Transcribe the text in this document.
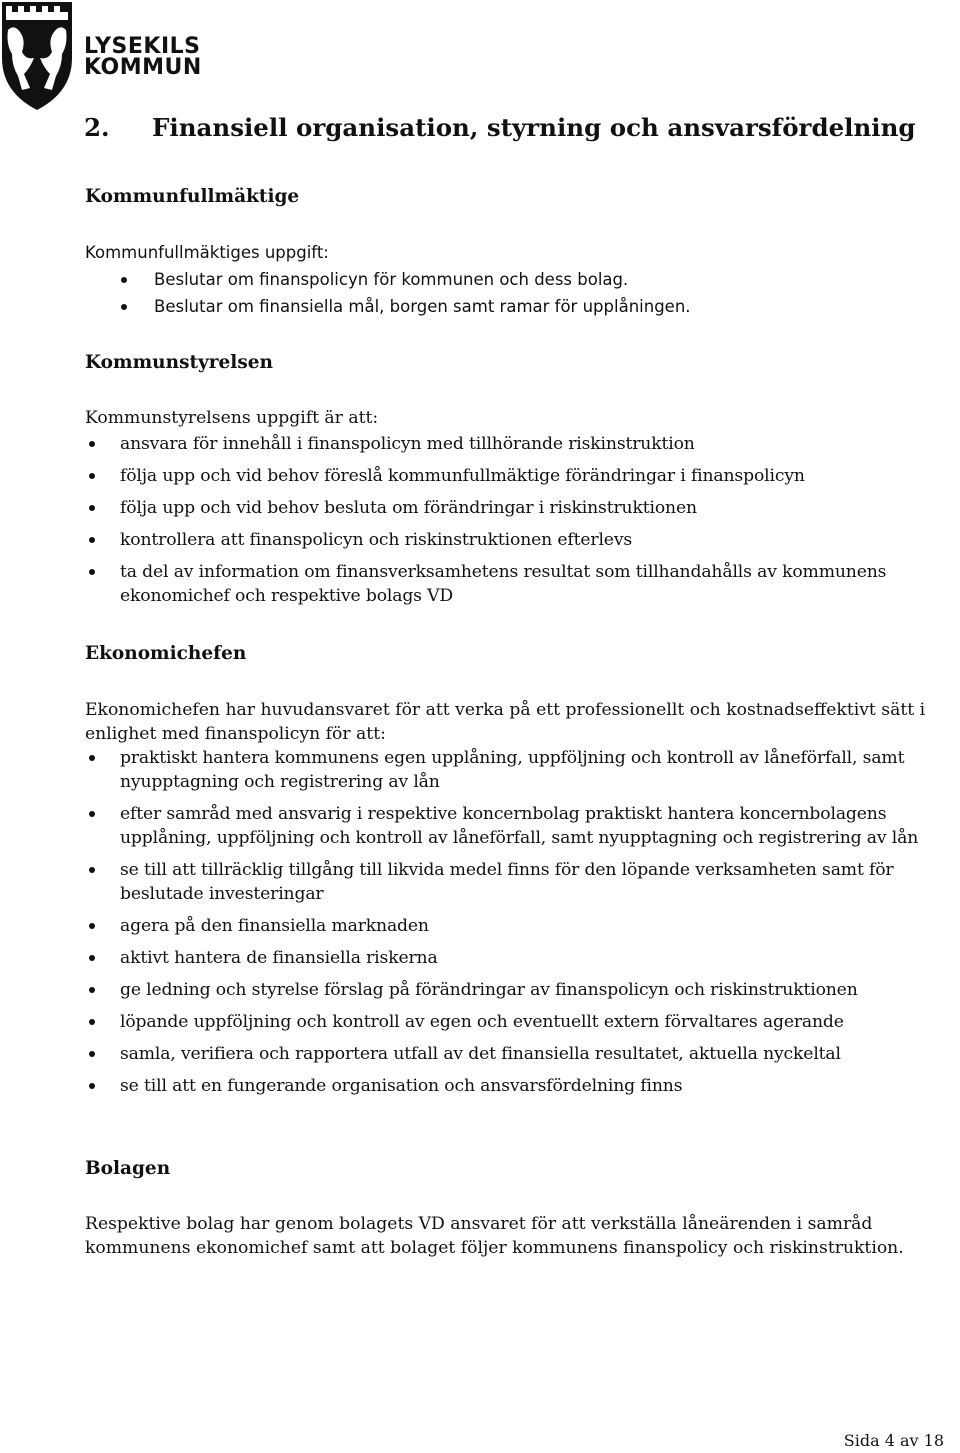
LYSEKILS
KOMMUN
2. Finansiell organisation, styrning och ansvarsfördelning
Kommunfullmäktige

Kommunfullmäktiges uppgift:

Beslutar om finanspolicyn för kommunen och dess bolag.
Beslutar om finansiella mål, borgen samt ramar för upplåningen.
Kommunstyrelsen

Kommunstyrelsens uppgift är att:

ansvara för innehåll i finanspolicyn med tillhörande riskinstruktion
följa upp och vid behov föreslå kommunfullmäktige förändringar i finanspolicyn
följa upp och vid behov besluta om förändringar i riskinstruktionen
kontrollera att finanspolicyn och riskinstruktionen efterlevs
ta del av information om finansverksamhetens resultat som tillhandahålls av kommunens ekonomichef och respektive bolags VD
Ekonomichefen

Ekonomichefen har huvudansvaret för att verka på ett professionellt och kostnadseffektivt sätt i enlighet med finanspolicyn för att:

praktiskt hantera kommunens egen upplåning, uppföljning och kontroll av låneförfall, samt nyupptagning och registrering av lån
efter samråd med ansvarig i respektive koncernbolag praktiskt hantera koncernbolagens upplåning, uppföljning och kontroll av låneförfall, samt nyupptagning och registrering av lån
se till att tillräcklig tillgång till likvida medel finns för den löpande verksamheten samt för beslutade investeringar
agera på den finansiella marknaden
aktivt hantera de finansiella riskerna
ge ledning och styrelse förslag på förändringar av finanspolicyn och riskinstruktionen
löpande uppföljning och kontroll av egen och eventuellt extern förvaltares agerande
samla, verifiera och rapportera utfall av det finansiella resultatet, aktuella nyckeltal
se till att en fungerande organisation och ansvarsfördelning finns
Bolagen

Respektive bolag har genom bolagets VD ansvaret för att verkställa låneärenden i samråd kommunens ekonomichef samt att bolaget följer kommunens finanspolicy och riskinstruktion.

Sida 4 av 18
